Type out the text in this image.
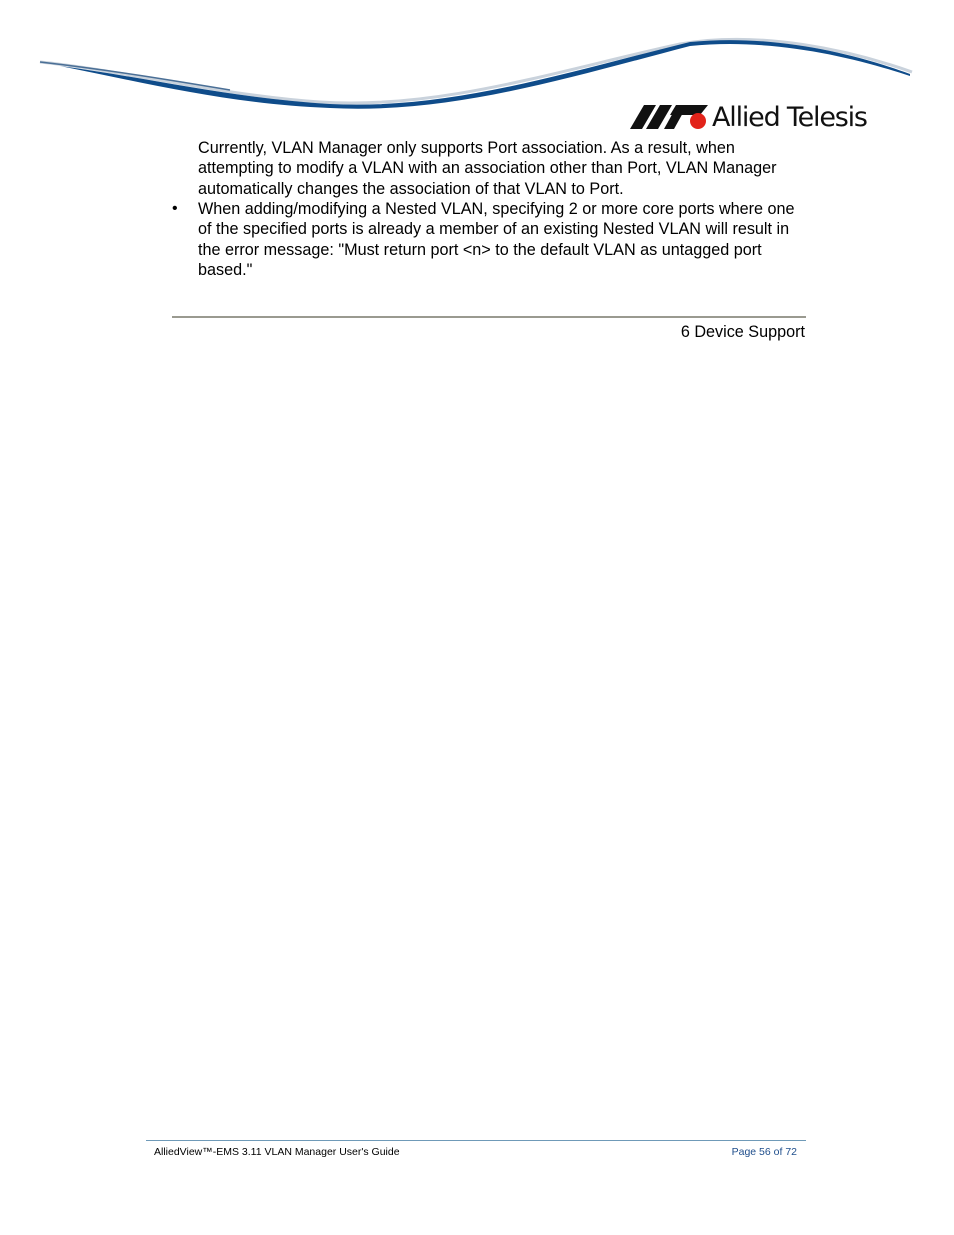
Allied Telesis
Currently, VLAN Manager only supports Port association. As a result, when attempting to modify a VLAN with an association other than Port, VLAN Manager automatically changes the association of that VLAN to Port.
• When adding/modifying a Nested VLAN, specifying 2 or more core ports where one of the specified ports is already a member of an existing Nested VLAN will result in the error message: "Must return port <n> to the default VLAN as untagged port based."
6 Device Support
AlliedView™-EMS 3.11 VLAN Manager User's Guide	Page 56 of 72
